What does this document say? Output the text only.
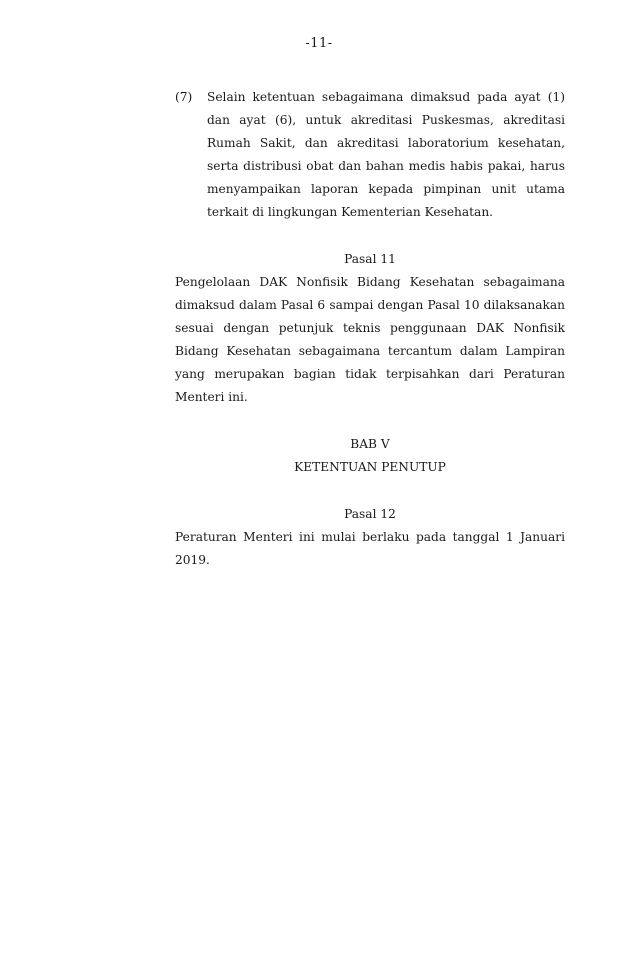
-11-
(7)	Selain ketentuan sebagaimana dimaksud pada ayat (1) dan ayat (6), untuk akreditasi Puskesmas, akreditasi Rumah Sakit, dan akreditasi laboratorium kesehatan, serta distribusi obat dan bahan medis habis pakai, harus menyampaikan laporan kepada pimpinan unit utama terkait di lingkungan Kementerian Kesehatan.

Pasal 11

Pengelolaan DAK Nonfisik Bidang Kesehatan sebagaimana dimaksud dalam Pasal 6 sampai dengan Pasal 10 dilaksanakan sesuai dengan petunjuk teknis penggunaan DAK Nonfisik Bidang Kesehatan sebagaimana tercantum dalam Lampiran yang merupakan bagian tidak terpisahkan dari Peraturan Menteri ini.

BAB V

KETENTUAN PENUTUP

Pasal 12

Peraturan Menteri ini mulai berlaku pada tanggal 1 Januari 2019.
